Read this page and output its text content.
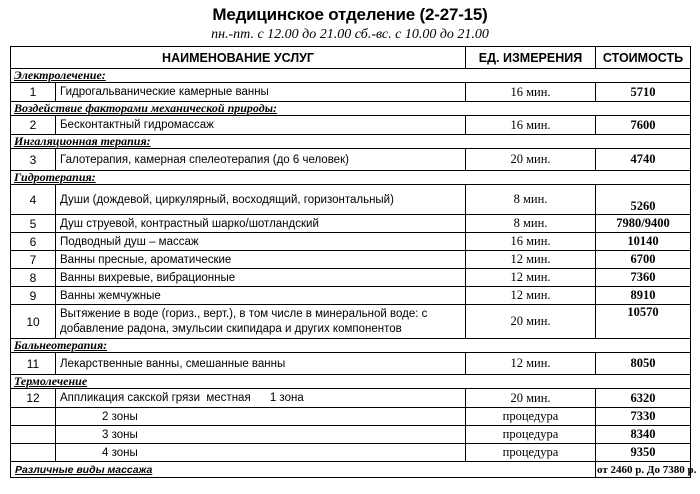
Медицинское отделение (2-27-15)
пн.-пт. с 12.00 до 21.00 сб.-вс. с 10.00 до 21.00
НАИМЕНОВАНИЕ УСЛУГ		ЕД. ИЗМЕРЕНИЯ	СТОИМОСТЬ
Электролечение:			
1	Гидрогальванические камерные ванны	16 мин.	5710
Воздействие факторами механической природы:			
2	Бесконтактный гидромассаж	16 мин.	7600
Ингаляционная терапия:			
3	Галотерапия, камерная спелеотерапия (до 6 человек)	20 мин.	4740
Гидротерапия:			
4	Души (дождевой, циркулярный, восходящий, горизонтальный)	8 мин.	5260
5	Душ струевой, контрастный шарко/шотландский	8 мин.	7980/9400
6	Подводный душ – массаж	16 мин.	10140
7	Ванны пресные, ароматические	12 мин.	6700
8	Ванны вихревые, вибрационные	12 мин.	7360
9	Ванны жемчужные	12 мин.	8910
10	Вытяжение в воде (гориз., верт.), в том числе в минеральной воде: с добавление радона, эмульсии скипидара и других компонентов	20 мин.	10570
Бальнеотерапия:			
11	Лекарственные ванны, смешанные ванны	12 мин.	8050
Термолечение			
12	Аппликация сакской грязи  местная      1 зона	20 мин.	6320
	2 зоны	процедура	7330
	3 зоны	процедура	8340
	4 зоны	процедура	9350
Различные виды массажа			от 2460 р. До 7380 р.
